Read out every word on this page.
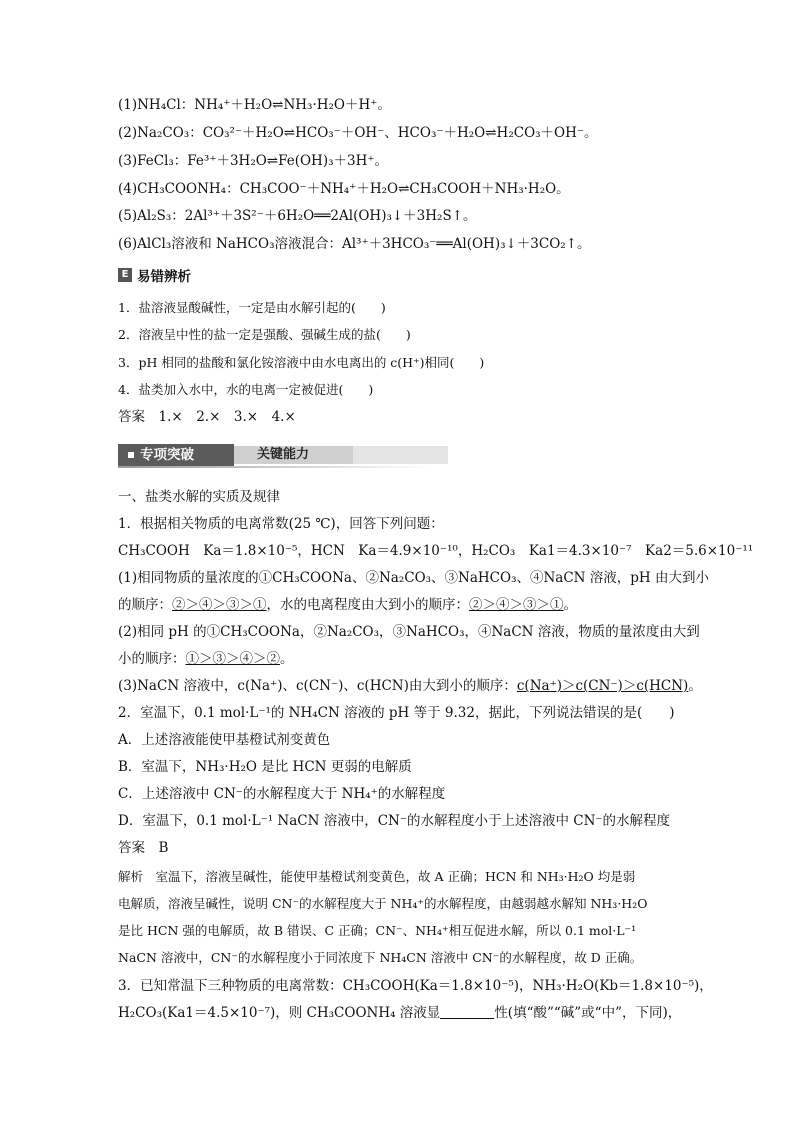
(1)NH₄Cl：NH₄⁺＋H₂O⇌NH₃·H₂O＋H⁺。
(2)Na₂CO₃：CO₃²⁻＋H₂O⇌HCO₃⁻＋OH⁻、HCO₃⁻＋H₂O⇌H₂CO₃＋OH⁻。
(3)FeCl₃：Fe³⁺＋3H₂O⇌Fe(OH)₃＋3H⁺。
(4)CH₃COONH₄：CH₃COO⁻＋NH₄⁺＋H₂O⇌CH₃COOH＋NH₃·H₂O。
(5)Al₂S₃：2Al³⁺＋3S²⁻＋6H₂O══2Al(OH)₃↓＋3H₂S↑。
(6)AlCl₃溶液和 NaHCO₃溶液混合：Al³⁺＋3HCO₃⁻══Al(OH)₃↓＋3CO₂↑。
E 易错辨析
1．盐溶液显酸碱性，一定是由水解引起的(　　)
2．溶液呈中性的盐一定是强酸、强碱生成的盐(　　)
3．pH 相同的盐酸和氯化铵溶液中由水电离出的 c(H⁺)相同(　　)
4．盐类加入水中，水的电离一定被促进(　　)
答案　1.×　2.×　3.×　4.×
专项突破	关键能力
一、盐类水解的实质及规律
1．根据相关物质的电离常数(25 ℃)，回答下列问题：
CH₃COOH　Ka＝1.8×10⁻⁵，HCN　Ka＝4.9×10⁻¹⁰，H₂CO₃　Ka1＝4.3×10⁻⁷　Ka2＝5.6×10⁻¹¹
(1)相同物质的量浓度的①CH₃COONa、②Na₂CO₃、③NaHCO₃、④NaCN 溶液，pH 由大到小
的顺序：②＞④＞③＞①，水的电离程度由大到小的顺序：②＞④＞③＞①。
(2)相同 pH 的①CH₃COONa，②Na₂CO₃，③NaHCO₃，④NaCN 溶液，物质的量浓度由大到
小的顺序：①＞③＞④＞②。
(3)NaCN 溶液中，c(Na⁺)、c(CN⁻)、c(HCN)由大到小的顺序：c(Na⁺)＞c(CN⁻)＞c(HCN)。
2．室温下，0.1 mol·L⁻¹的 NH₄CN 溶液的 pH 等于 9.32，据此，下列说法错误的是(　　)
A．上述溶液能使甲基橙试剂变黄色
B．室温下，NH₃·H₂O 是比 HCN 更弱的电解质
C．上述溶液中 CN⁻的水解程度大于 NH₄⁺的水解程度
D．室温下，0.1 mol·L⁻¹ NaCN 溶液中，CN⁻的水解程度小于上述溶液中 CN⁻的水解程度
答案　B
解析　室温下，溶液呈碱性，能使甲基橙试剂变黄色，故 A 正确；HCN 和 NH₃·H₂O 均是弱
电解质，溶液呈碱性，说明 CN⁻的水解程度大于 NH₄⁺的水解程度，由越弱越水解知 NH₃·H₂O
是比 HCN 强的电解质，故 B 错误、C 正确；CN⁻、NH₄⁺相互促进水解，所以 0.1 mol·L⁻¹
NaCN 溶液中，CN⁻的水解程度小于同浓度下 NH₄CN 溶液中 CN⁻的水解程度，故 D 正确。
3．已知常温下三种物质的电离常数：CH₃COOH(Ka＝1.8×10⁻⁵)，NH₃·H₂O(Kb＝1.8×10⁻⁵)，
H₂CO₃(Ka1＝4.5×10⁻⁷)，则 CH₃COONH₄ 溶液显	性(填“酸”“碱”或“中”，下同)，
